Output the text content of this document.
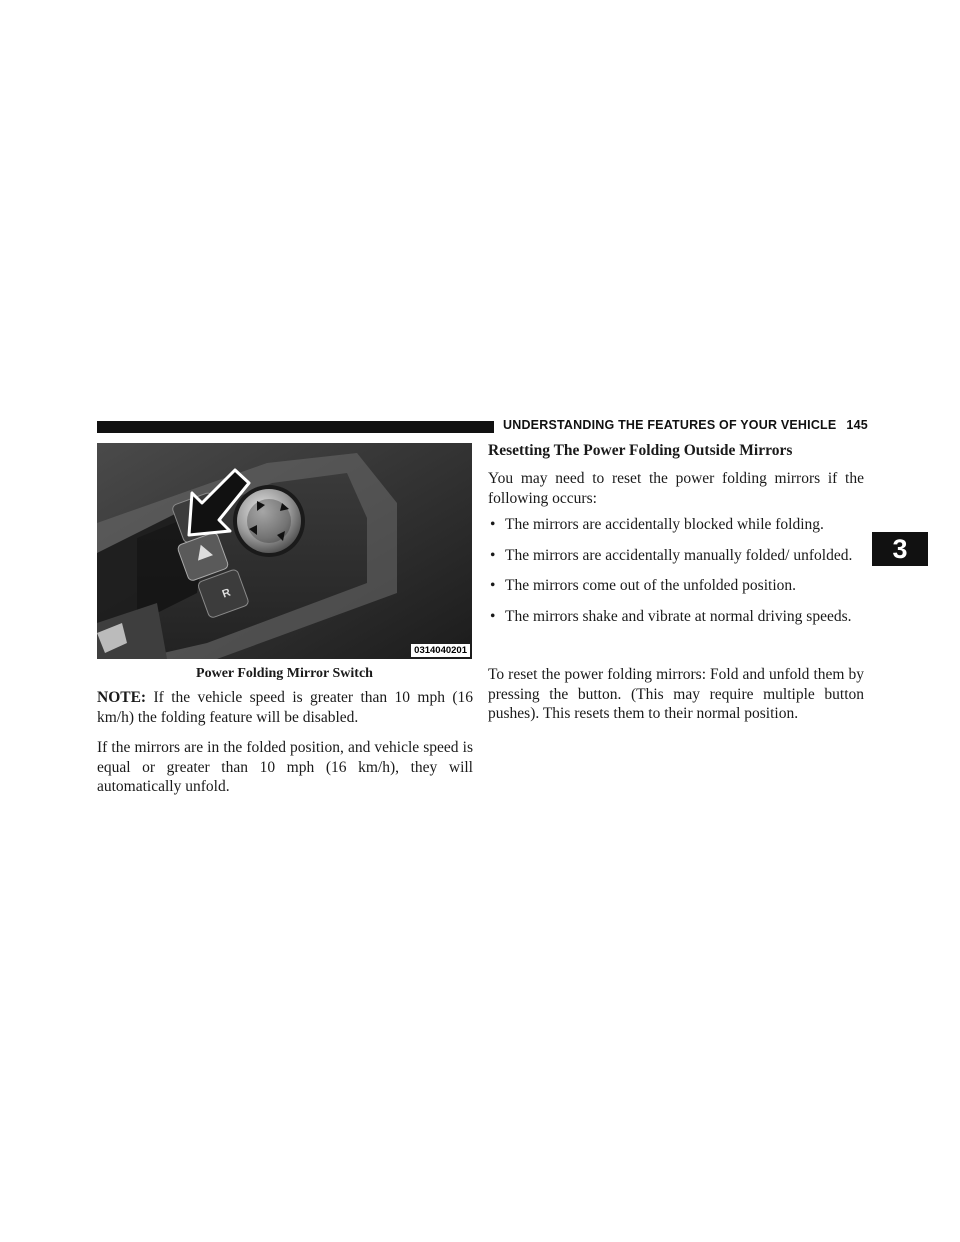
UNDERSTANDING THE FEATURES OF YOUR VEHICLE 145
3
R
0314040201
Power Folding Mirror Switch

NOTE: If the vehicle speed is greater than 10 mph (16 km/h) the folding feature will be disabled.

If the mirrors are in the folded position, and vehicle speed is equal or greater than 10 mph (16 km/h), they will automatically unfold.

Resetting The Power Folding Outside Mirrors

You may need to reset the power folding mirrors if the following occurs:

• The mirrors are accidentally blocked while folding.
• The mirrors are accidentally manually folded/ unfolded.
• The mirrors come out of the unfolded position.
• The mirrors shake and vibrate at normal driving speeds.

To reset the power folding mirrors: Fold and unfold them by pressing the button. (This may require multiple button pushes). This resets them to their normal position.
